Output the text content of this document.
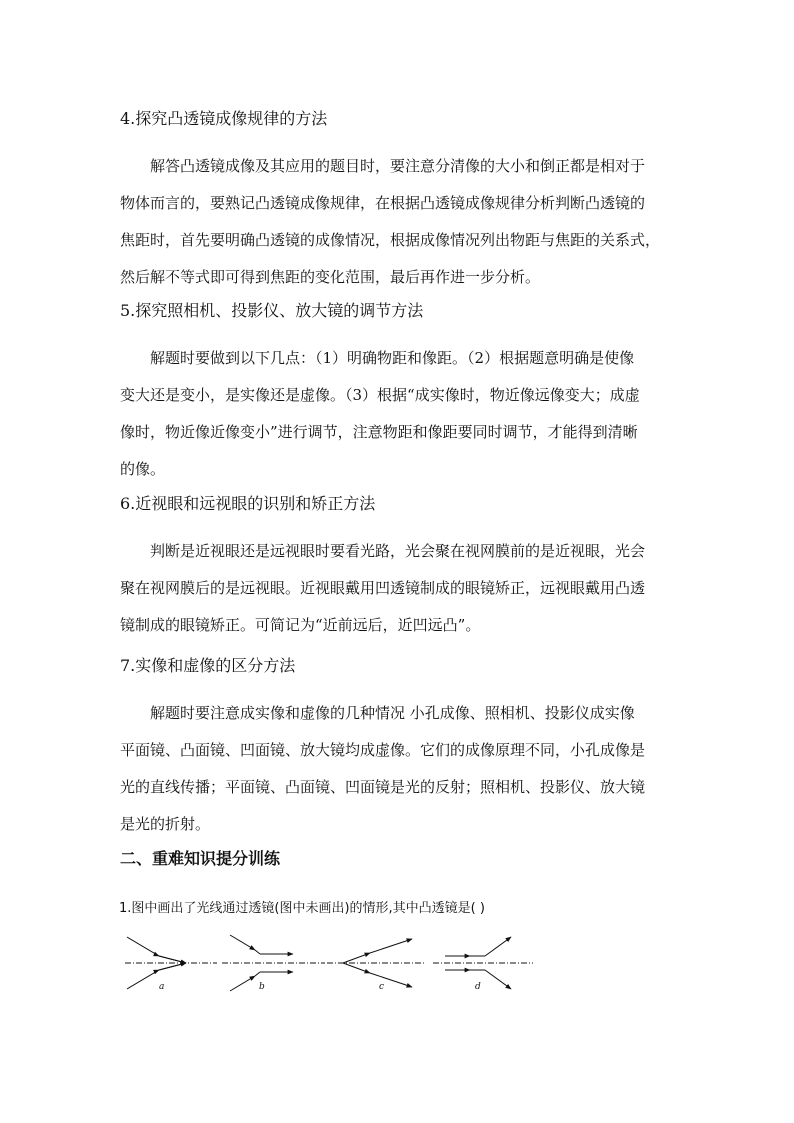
4.探究凸透镜成像规律的方法
解答凸透镜成像及其应用的题目时，要注意分清像的大小和倒正都是相对于
物体而言的，要熟记凸透镜成像规律，在根据凸透镜成像规律分析判断凸透镜的
焦距时，首先要明确凸透镜的成像情况，根据成像情况列出物距与焦距的关系式，
然后解不等式即可得到焦距的变化范围，最后再作进一步分析。
5.探究照相机、投影仪、放大镜的调节方法
解题时要做到以下几点：（1）明确物距和像距。（2）根据题意明确是使像
变大还是变小，是实像还是虚像。（3）根据“成实像时，物近像远像变大；成虚
像时，物近像近像变小”进行调节，注意物距和像距要同时调节，才能得到清晰
的像。
6.近视眼和远视眼的识别和矫正方法
判断是近视眼还是远视眼时要看光路，光会聚在视网膜前的是近视眼，光会
聚在视网膜后的是远视眼。近视眼戴用凹透镜制成的眼镜矫正，远视眼戴用凸透
镜制成的眼镜矫正。可简记为“近前远后，近凹远凸”。
7.实像和虚像的区分方法
解题时要注意成实像和虚像的几种情况 小孔成像、照相机、投影仪成实像
平面镜、凸面镜、凹面镜、放大镜均成虚像。它们的成像原理不同，小孔成像是
光的直线传播；平面镜、凸面镜、凹面镜是光的反射；照相机、投影仪、放大镜
是光的折射。
二、重难知识提分训练
1.图中画出了光线通过透镜(图中未画出)的情形,其中凸透镜是( )
a	b	c	d
